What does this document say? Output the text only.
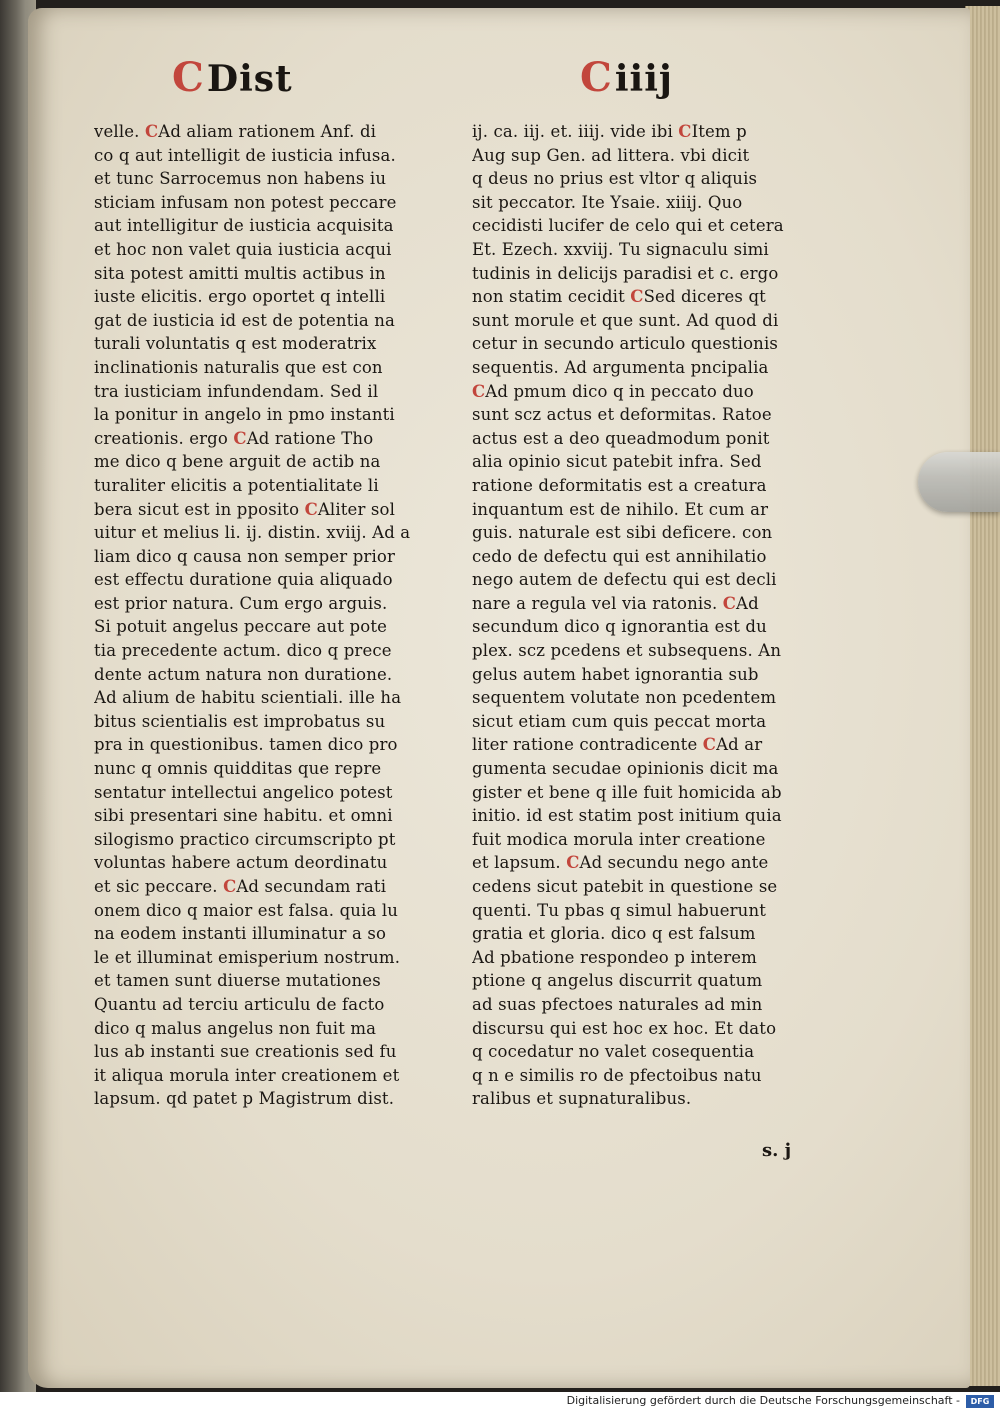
CDist	Ciiij
velle. CAd aliam rationem Anf. di
co q aut intelligit de iusticia infusa.
et tunc Sarrocemus non habens iu
sticiam infusam non potest peccare
aut intelligitur de iusticia acquisita
et hoc non valet quia iusticia acqui
sita potest amitti multis actibus in
iuste elicitis. ergo oportet q intelli
gat de iusticia id est de potentia na
turali voluntatis q est moderatrix
inclinationis naturalis que est con
tra iusticiam infundendam. Sed il
la ponitur in angelo in pmo instanti
creationis. ergo CAd ratione Tho
me dico q bene arguit de actib na
turaliter elicitis a potentialitate li
bera sicut est in pposito CAliter sol
uitur et melius li. ij. distin. xviij. Ad a
liam dico q causa non semper prior
est effectu duratione quia aliquado
est prior natura. Cum ergo arguis.
Si potuit angelus peccare aut pote
tia precedente actum. dico q prece
dente actum natura non duratione.
Ad alium de habitu scientiali. ille ha
bitus scientialis est improbatus su
pra in questionibus. tamen dico pro
nunc q omnis quidditas que repre
sentatur intellectui angelico potest
sibi presentari sine habitu. et omni
silogismo practico circumscripto pt
voluntas habere actum deordinatu
et sic peccare. CAd secundam rati
onem dico q maior est falsa. quia lu
na eodem instanti illuminatur a so
le et illuminat emisperium nostrum.
et tamen sunt diuerse mutationes
Quantu ad terciu articulu de facto
dico q malus angelus non fuit ma
lus ab instanti sue creationis sed fu
it aliqua morula inter creationem et
lapsum. qd patet p Magistrum dist.
ij. ca. iij. et. iiij. vide ibi CItem p
Aug sup Gen. ad littera. vbi dicit
q deus no prius est vltor q aliquis
sit peccator. Ite Ysaie. xiiij. Quo
cecidisti lucifer de celo qui et cetera
Et. Ezech. xxviij. Tu signaculu simi
tudinis in delicijs paradisi et c. ergo
non statim cecidit CSed diceres qt
sunt morule et que sunt. Ad quod di
cetur in secundo articulo questionis
sequentis. Ad argumenta pncipalia
CAd pmum dico q in peccato duo
sunt scz actus et deformitas. Ratoe
actus est a deo queadmodum ponit
alia opinio sicut patebit infra. Sed
ratione deformitatis est a creatura
inquantum est de nihilo. Et cum ar
guis. naturale est sibi deficere. con
cedo de defectu qui est annihilatio
nego autem de defectu qui est decli
nare a regula vel via ratonis. CAd
secundum dico q ignorantia est du
plex. scz pcedens et subsequens. An
gelus autem habet ignorantia sub
sequentem volutate non pcedentem
sicut etiam cum quis peccat morta
liter ratione contradicente CAd ar
gumenta secudae opinionis dicit ma
gister et bene q ille fuit homicida ab
initio. id est statim post initium quia
fuit modica morula inter creatione
et lapsum. CAd secundu nego ante
cedens sicut patebit in questione se
quenti. Tu pbas q simul habuerunt
gratia et gloria. dico q est falsum
Ad pbatione respondeo p interem
ptione q angelus discurrit quatum
ad suas pfectoes naturales ad min
discursu qui est hoc ex hoc. Et dato
q cocedatur no valet cosequentia
q n e similis ro de pfectoibus natu
ralibus et supnaturalibus.
s. j
Digitalisierung gefördert durch die Deutsche Forschungsgemeinschaft -	DFG
